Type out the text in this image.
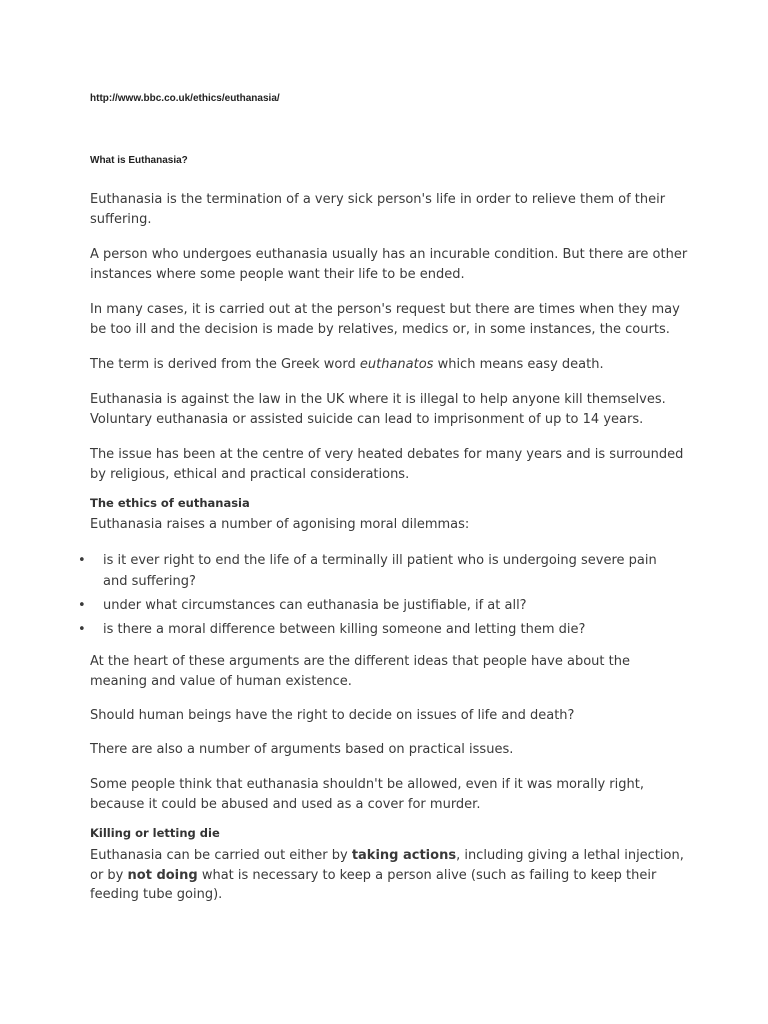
http://www.bbc.co.uk/ethics/euthanasia/

What is Euthanasia?

Euthanasia is the termination of a very sick person's life in order to relieve them of their suffering.

A person who undergoes euthanasia usually has an incurable condition. But there are other instances where some people want their life to be ended.

In many cases, it is carried out at the person's request but there are times when they may be too ill and the decision is made by relatives, medics or, in some instances, the courts.

The term is derived from the Greek word euthanatos which means easy death.

Euthanasia is against the law in the UK where it is illegal to help anyone kill themselves. Voluntary euthanasia or assisted suicide can lead to imprisonment of up to 14 years.

The issue has been at the centre of very heated debates for many years and is surrounded by religious, ethical and practical considerations.

The ethics of euthanasia

Euthanasia raises a number of agonising moral dilemmas:

• is it ever right to end the life of a terminally ill patient who is undergoing severe pain and suffering?
• under what circumstances can euthanasia be justifiable, if at all?
• is there a moral difference between killing someone and letting them die?

At the heart of these arguments are the different ideas that people have about the meaning and value of human existence.

Should human beings have the right to decide on issues of life and death?

There are also a number of arguments based on practical issues.

Some people think that euthanasia shouldn't be allowed, even if it was morally right, because it could be abused and used as a cover for murder.

Killing or letting die

Euthanasia can be carried out either by taking actions, including giving a lethal injection, or by not doing what is necessary to keep a person alive (such as failing to keep their feeding tube going).
